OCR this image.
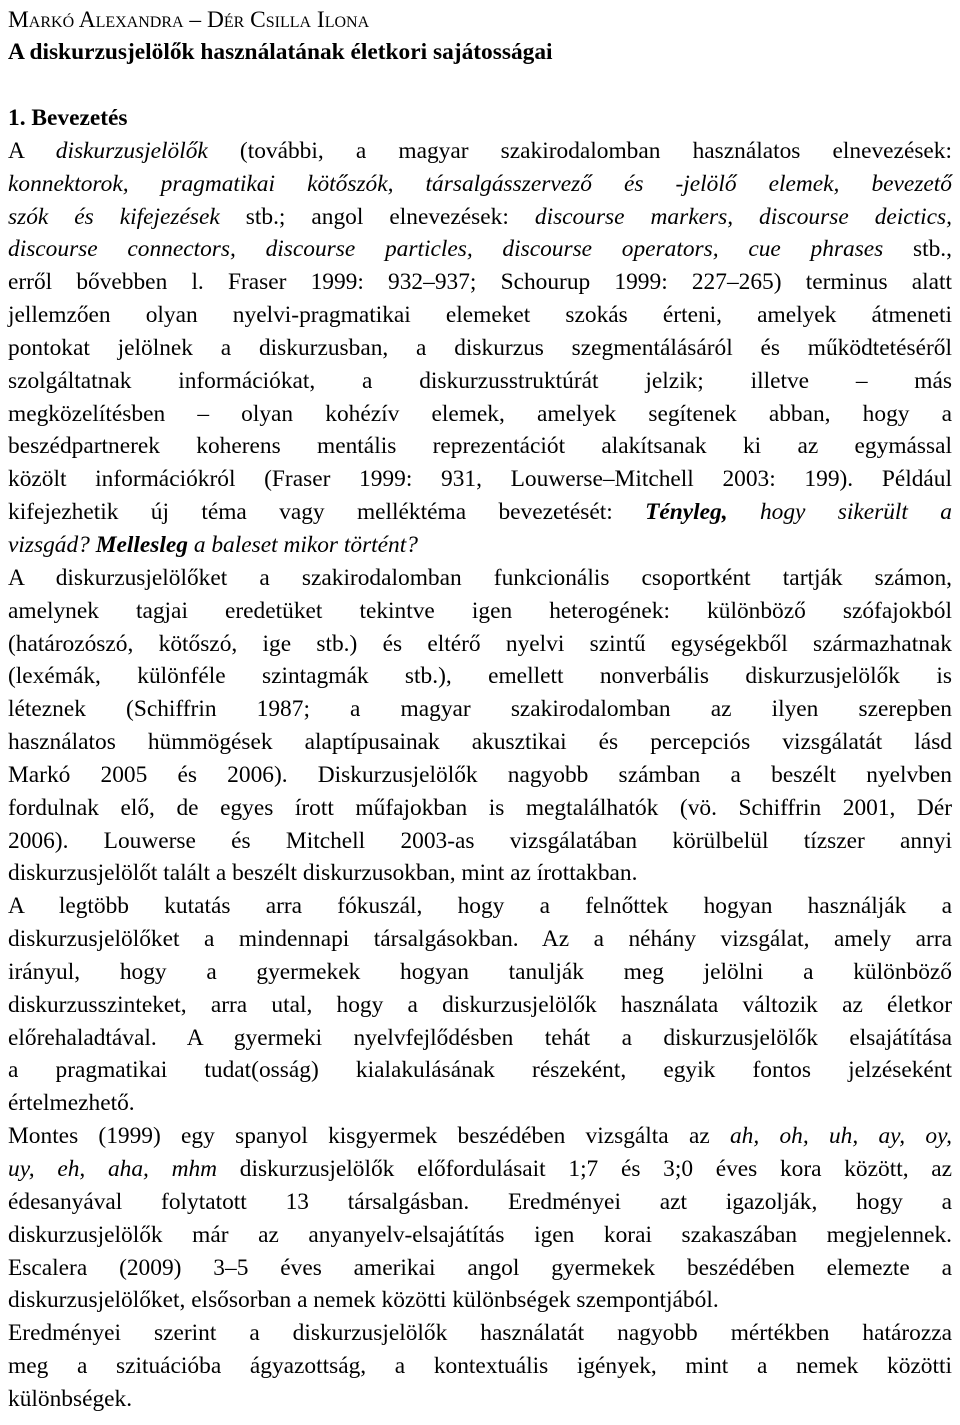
Markó Alexandra – Dér Csilla Ilona
A diskurzusjelölők használatának életkori sajátosságai
1. Bevezetés
A diskurzusjelölők (további, a magyar szakirodalomban használatos elnevezések:
konnektorok, pragmatikai kötőszók, társalgásszervező és -jelölő elemek, bevezető
szók és kifejezések stb.; angol elnevezések: discourse markers, discourse deictics,
discourse connectors, discourse particles, discourse operators, cue phrases stb.,
erről bővebben l. Fraser 1999: 932–937; Schourup 1999: 227–265) terminus alatt
jellemzően olyan nyelvi-pragmatikai elemeket szokás érteni, amelyek átmeneti
pontokat jelölnek a diskurzusban, a diskurzus szegmentálásáról és működtetéséről
szolgáltatnak információkat, a diskurzusstruktúrát jelzik; illetve – más
megközelítésben – olyan kohézív elemek, amelyek segítenek abban, hogy a
beszédpartnerek koherens mentális reprezentációt alakítsanak ki az egymással
közölt információkról (Fraser 1999: 931, Louwerse–Mitchell 2003: 199). Például
kifejezhetik új téma vagy melléktéma bevezetését: Tényleg, hogy sikerült a
vizsgád? Mellesleg a baleset mikor történt?
A diskurzusjelölőket a szakirodalomban funkcionális csoportként tartják számon,
amelynek tagjai eredetüket tekintve igen heterogének: különböző szófajokból
(határozószó, kötőszó, ige stb.) és eltérő nyelvi szintű egységekből származhatnak
(lexémák, különféle szintagmák stb.), emellett nonverbális diskurzusjelölők is
léteznek (Schiffrin 1987; a magyar szakirodalomban az ilyen szerepben
használatos hümmögések alaptípusainak akusztikai és percepciós vizsgálatát lásd
Markó 2005 és 2006). Diskurzusjelölők nagyobb számban a beszélt nyelvben
fordulnak elő, de egyes írott műfajokban is megtalálhatók (vö. Schiffrin 2001, Dér
2006). Louwerse és Mitchell 2003-as vizsgálatában körülbelül tízszer annyi
diskurzusjelölőt talált a beszélt diskurzusokban, mint az írottakban.
A legtöbb kutatás arra fókuszál, hogy a felnőttek hogyan használják a
diskurzusjelölőket a mindennapi társalgásokban. Az a néhány vizsgálat, amely arra
irányul, hogy a gyermekek hogyan tanulják meg jelölni a különböző
diskurzusszinteket, arra utal, hogy a diskurzusjelölők használata változik az életkor
előrehaladtával. A gyermeki nyelvfejlődésben tehát a diskurzusjelölők elsajátítása
a pragmatikai tudat(osság) kialakulásának részeként, egyik fontos jelzéseként
értelmezhető.
Montes (1999) egy spanyol kisgyermek beszédében vizsgálta az ah, oh, uh, ay, oy,
uy, eh, aha, mhm diskurzusjelölők előfordulásait 1;7 és 3;0 éves kora között, az
édesanyával folytatott 13 társalgásban. Eredményei azt igazolják, hogy a
diskurzusjelölők már az anyanyelv-elsajátítás igen korai szakaszában megjelennek.
Escalera (2009) 3–5 éves amerikai angol gyermekek beszédében elemezte a
diskurzusjelölőket, elsősorban a nemek közötti különbségek szempontjából.
Eredményei szerint a diskurzusjelölők használatát nagyobb mértékben határozza
meg a szituációba ágyazottság, a kontextuális igények, mint a nemek közötti
különbségek.
